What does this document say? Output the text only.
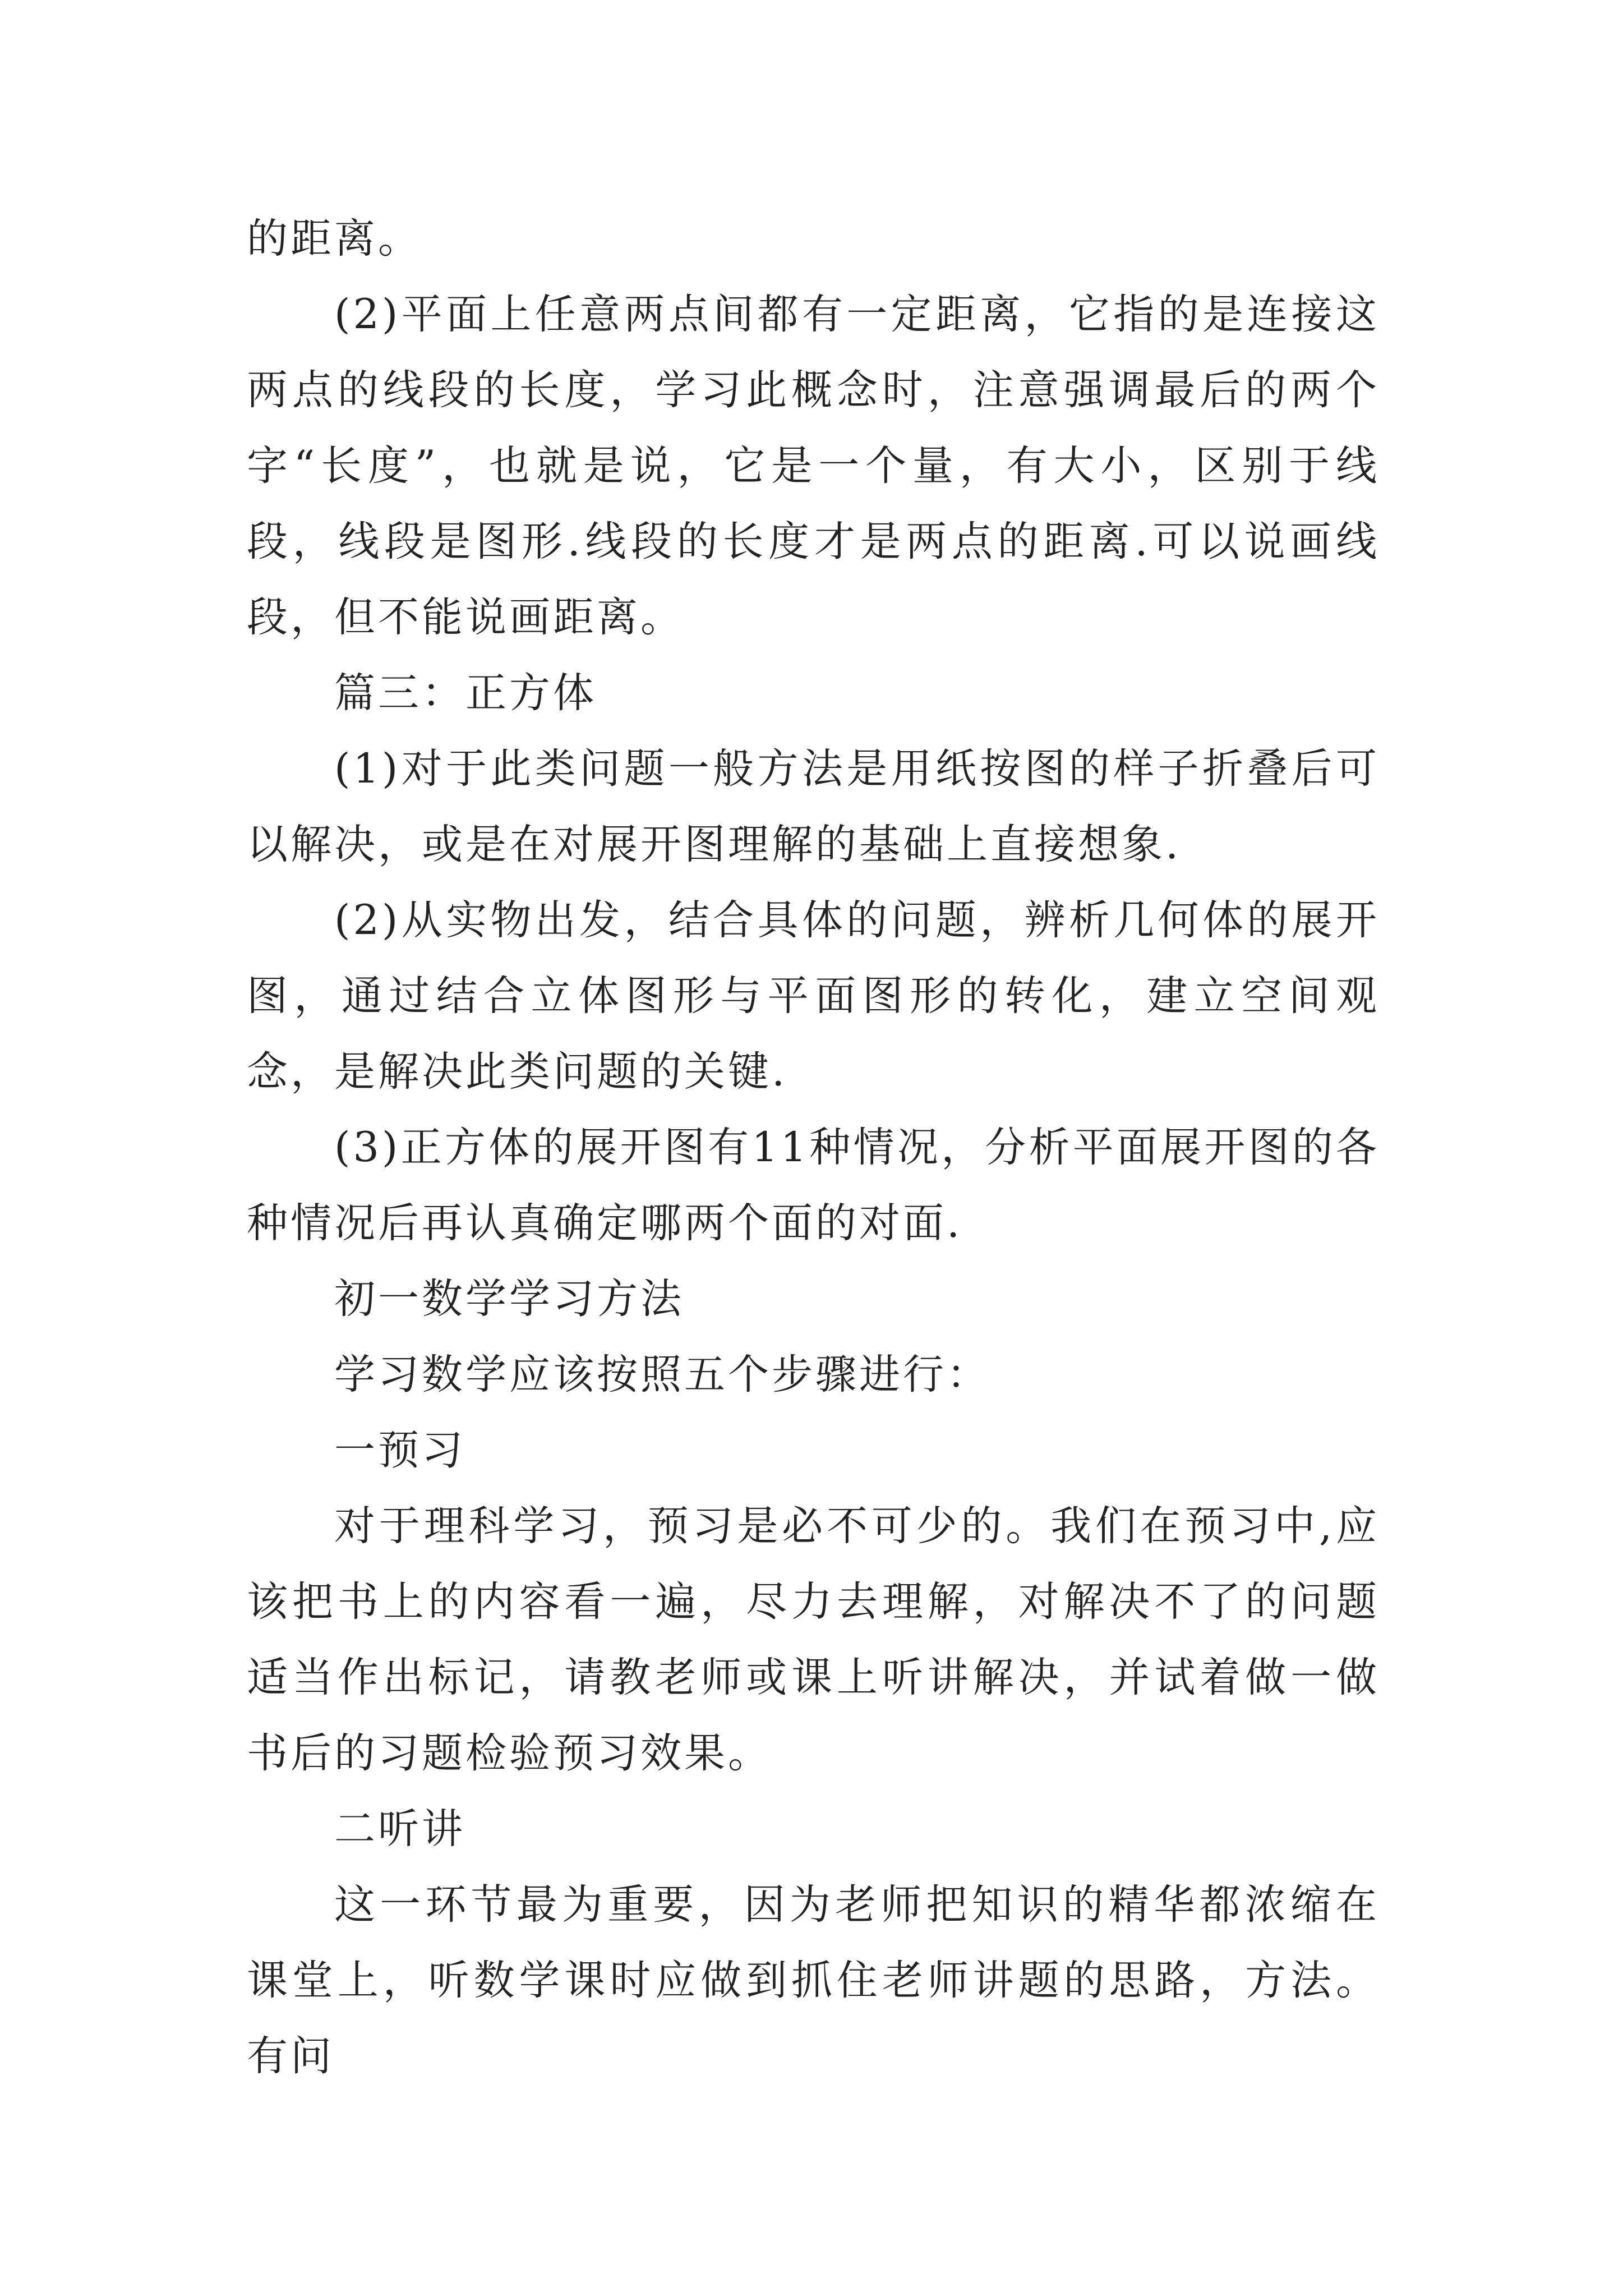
的距离。

(2)平面上任意两点间都有一定距离，它指的是连接这两点的线段的长度，学习此概念时，注意强调最后的两个字“长度”，也就是说，它是一个量，有大小，区别于线段，线段是图形.线段的长度才是两点的距离.可以说画线段，但不能说画距离。

篇三：正方体

(1)对于此类问题一般方法是用纸按图的样子折叠后可以解决，或是在对展开图理解的基础上直接想象.

(2)从实物出发，结合具体的问题，辨析几何体的展开图，通过结合立体图形与平面图形的转化，建立空间观念，是解决此类问题的关键.

(3)正方体的展开图有11种情况，分析平面展开图的各种情况后再认真确定哪两个面的对面.

初一数学学习方法

学习数学应该按照五个步骤进行：

一预习

对于理科学习，预习是必不可少的。我们在预习中,应该把书上的内容看一遍，尽力去理解，对解决不了的问题适当作出标记，请教老师或课上听讲解决，并试着做一做书后的习题检验预习效果。

二听讲

这一环节最为重要，因为老师把知识的精华都浓缩在课堂上，听数学课时应做到抓住老师讲题的思路，方法。有问
